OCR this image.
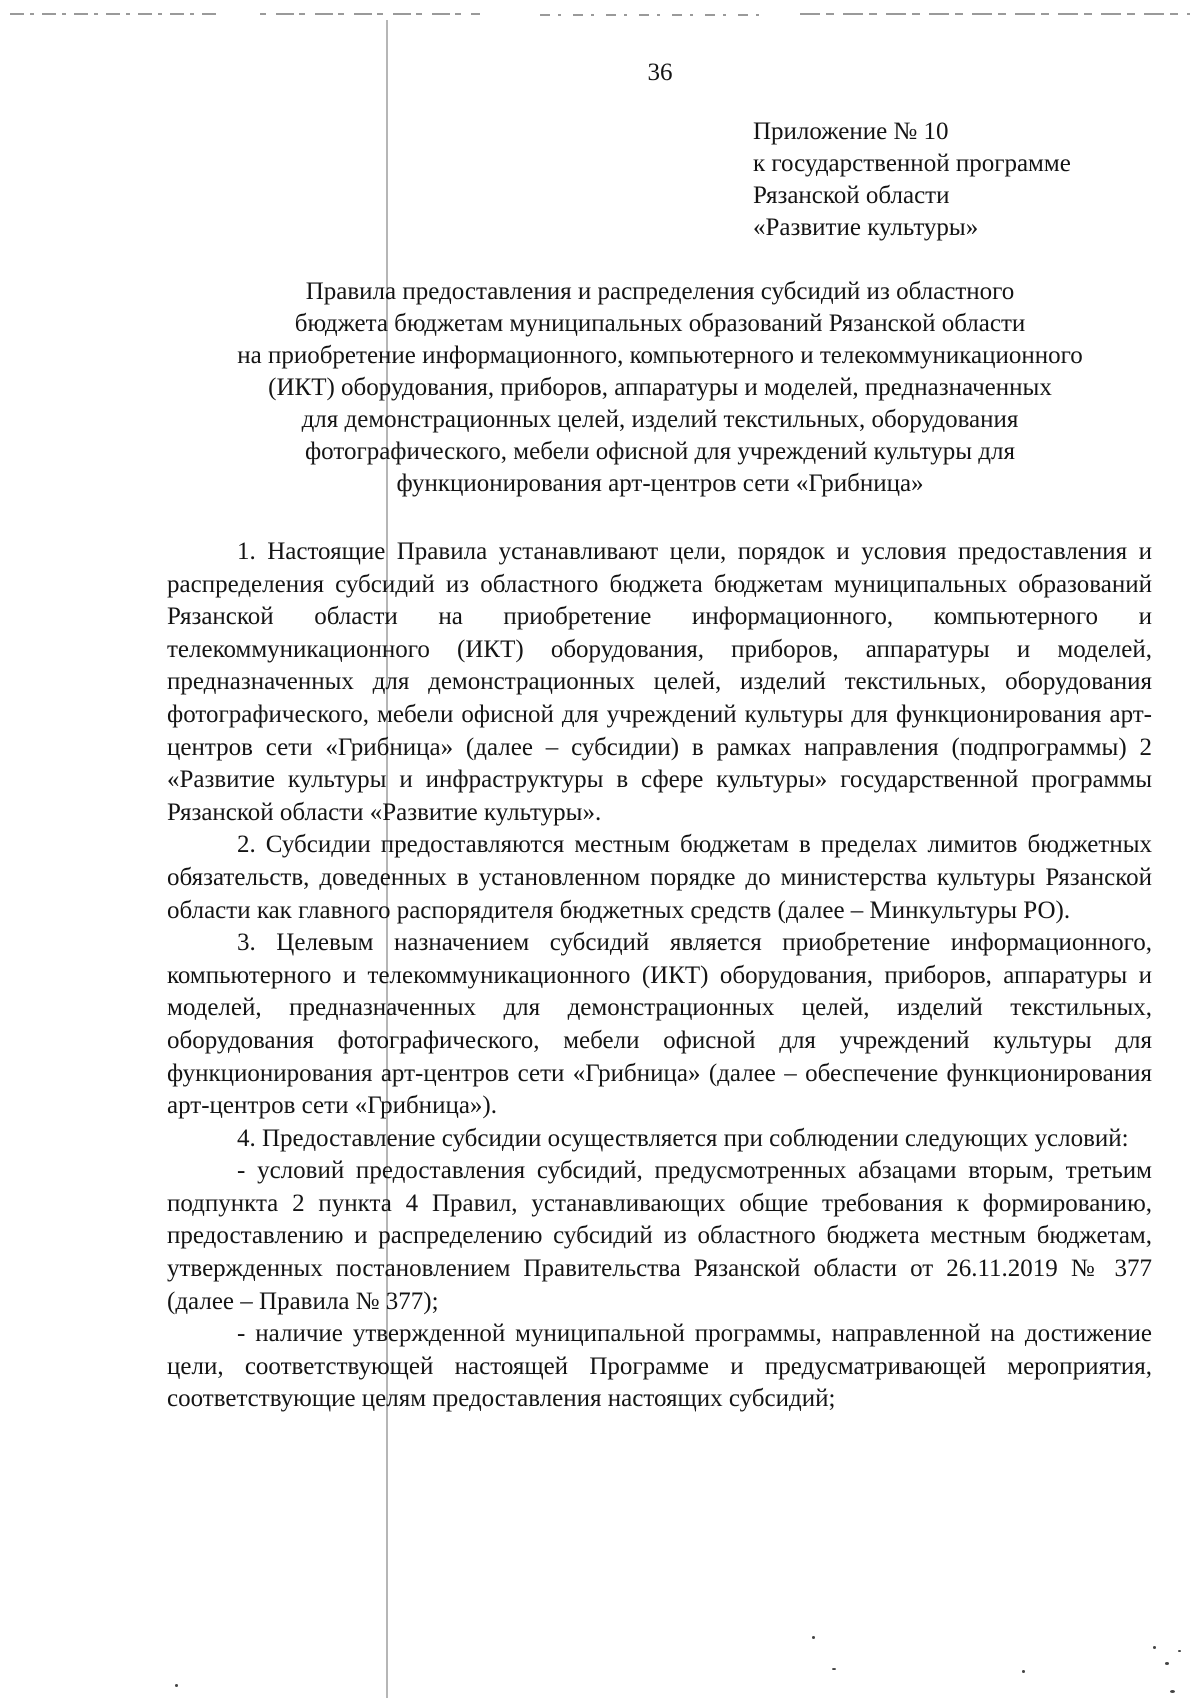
36
Приложение № 10
к государственной программе
Рязанской области
«Развитие культуры»
Правила предоставления и распределения субсидий из областного
бюджета бюджетам муниципальных образований Рязанской области
на приобретение информационного, компьютерного и телекоммуникационного
(ИКТ) оборудования, приборов, аппаратуры и моделей, предназначенных
для демонстрационных целей, изделий текстильных, оборудования
фотографического, мебели офисной для учреждений культуры для
функционирования арт-центров сети «Грибница»

1. Настоящие Правила устанавливают цели, порядок и условия предоставления и распределения субсидий из областного бюджета бюджетам муниципальных образований Рязанской области на приобретение информационного, компьютерного и телекоммуникационного (ИКТ) оборудования, приборов, аппаратуры и моделей, предназначенных для демонстрационных целей, изделий текстильных, оборудования фотографического, мебели офисной для учреждений культуры для функционирования арт-центров сети «Грибница» (далее – субсидии) в рамках направления (подпрограммы) 2 «Развитие культуры и инфраструктуры в сфере культуры» государственной программы Рязанской области «Развитие культуры».

2. Субсидии предоставляются местным бюджетам в пределах лимитов бюджетных обязательств, доведенных в установленном порядке до министерства культуры Рязанской области как главного распорядителя бюджетных средств (далее – Минкультуры РО).

3. Целевым назначением субсидий является приобретение информационного, компьютерного и телекоммуникационного (ИКТ) оборудования, приборов, аппаратуры и моделей, предназначенных для демонстрационных целей, изделий текстильных, оборудования фотографического, мебели офисной для учреждений культуры для функционирования арт-центров сети «Грибница» (далее – обеспечение функционирования арт-центров сети «Грибница»).

4. Предоставление субсидии осуществляется при соблюдении следующих условий:

- условий предоставления субсидий, предусмотренных абзацами вторым, третьим подпункта 2 пункта 4 Правил, устанавливающих общие требования к формированию, предоставлению и распределению субсидий из областного бюджета местным бюджетам, утвержденных постановлением Правительства Рязанской области от 26.11.2019 № 377 (далее – Правила № 377);

- наличие утвержденной муниципальной программы, направленной на достижение цели, соответствующей настоящей Программе и предусматривающей мероприятия, соответствующие целям предоставления настоящих субсидий;
